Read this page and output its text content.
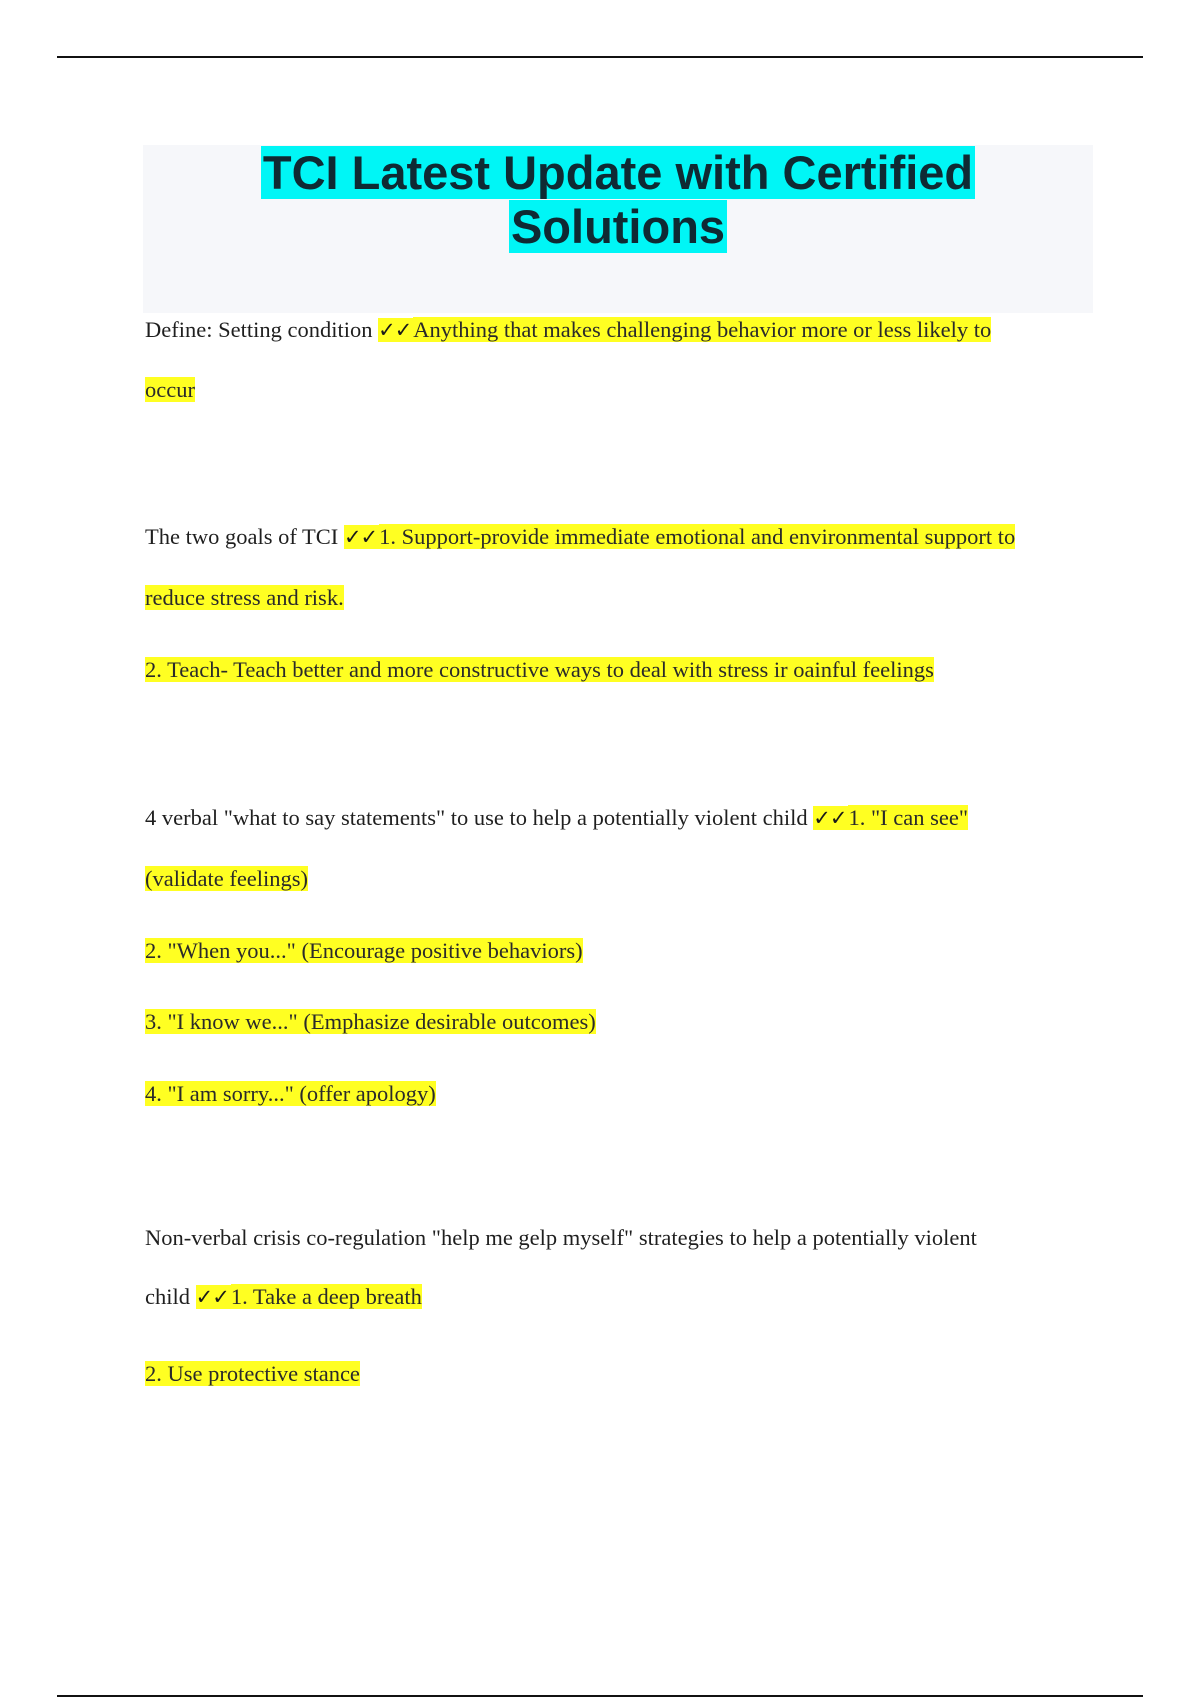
TCI Latest Update with Certified
Solutions
Define: Setting condition ✓✓Anything that makes challenging behavior more or less likely to
occur
The two goals of TCI ✓✓1. Support-provide immediate emotional and environmental support to
reduce stress and risk.
2. Teach- Teach better and more constructive ways to deal with stress ir oainful feelings
4 verbal "what to say statements" to use to help a potentially violent child ✓✓1. "I can see"
(validate feelings)
2. "When you..." (Encourage positive behaviors)
3. "I know we..." (Emphasize desirable outcomes)
4. "I am sorry..." (offer apology)
Non-verbal crisis co-regulation "help me gelp myself" strategies to help a potentially violent
child ✓✓1. Take a deep breath
2. Use protective stance
